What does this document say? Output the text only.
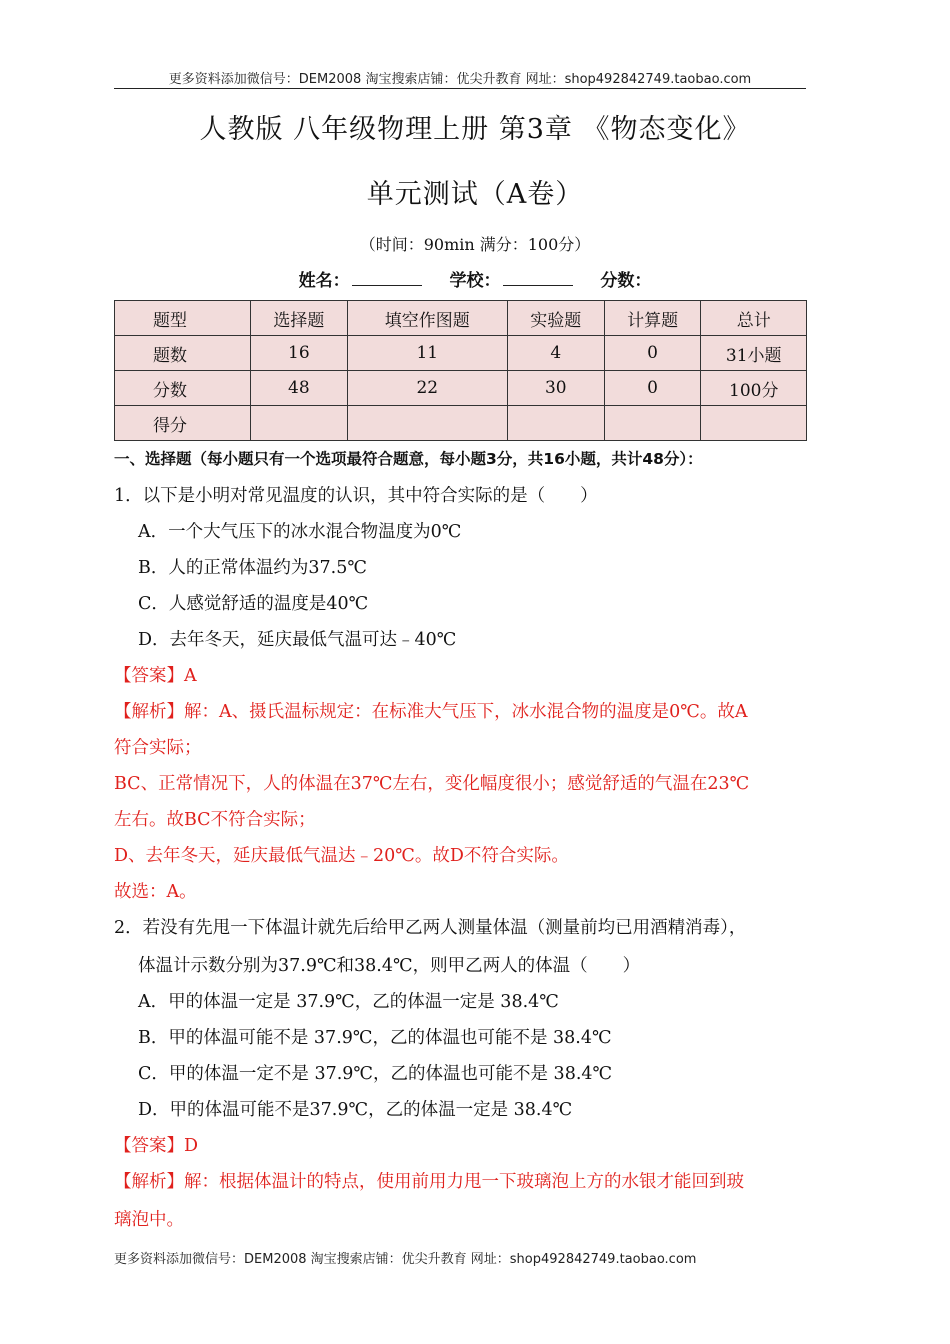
更多资料添加微信号：DEM2008 淘宝搜索店铺：优尖升教育 网址：shop492842749.taobao.com
人教版 八年级物理上册 第3章 《物态变化》
单元测试（A卷）
（时间：90min 满分：100分）
姓名：	学校：	分数：
题型	选择题	填空作图题	实验题	计算题	总计
题数	16	11	4	0	31小题
分数	48	22	30	0	100分
得分					
一、选择题（每小题只有一个选项最符合题意，每小题3分，共16小题，共计48分）：
1．以下是小明对常见温度的认识，其中符合实际的是（　　）
A．一个大气压下的冰水混合物温度为0℃
B．人的正常体温约为37.5℃
C．人感觉舒适的温度是40℃
D．去年冬天，延庆最低气温可达﹣40℃
【答案】A
【解析】解：A、摄氏温标规定：在标准大气压下，冰水混合物的温度是0℃。故A
符合实际；
BC、正常情况下，人的体温在37℃左右，变化幅度很小；感觉舒适的气温在23℃
左右。故BC不符合实际；
D、去年冬天，延庆最低气温达﹣20℃。故D不符合实际。
故选：A。
2．若没有先甩一下体温计就先后给甲乙两人测量体温（测量前均已用酒精消毒），
体温计示数分别为37.9℃和38.4℃，则甲乙两人的体温（　　）
A．甲的体温一定是 37.9℃，乙的体温一定是 38.4℃
B．甲的体温可能不是 37.9℃，乙的体温也可能不是 38.4℃
C．甲的体温一定不是 37.9℃，乙的体温也可能不是 38.4℃
D．甲的体温可能不是37.9℃，乙的体温一定是 38.4℃
【答案】D
【解析】解：根据体温计的特点，使用前用力甩一下玻璃泡上方的水银才能回到玻
璃泡中。
更多资料添加微信号：DEM2008 淘宝搜索店铺：优尖升教育 网址：shop492842749.taobao.com
